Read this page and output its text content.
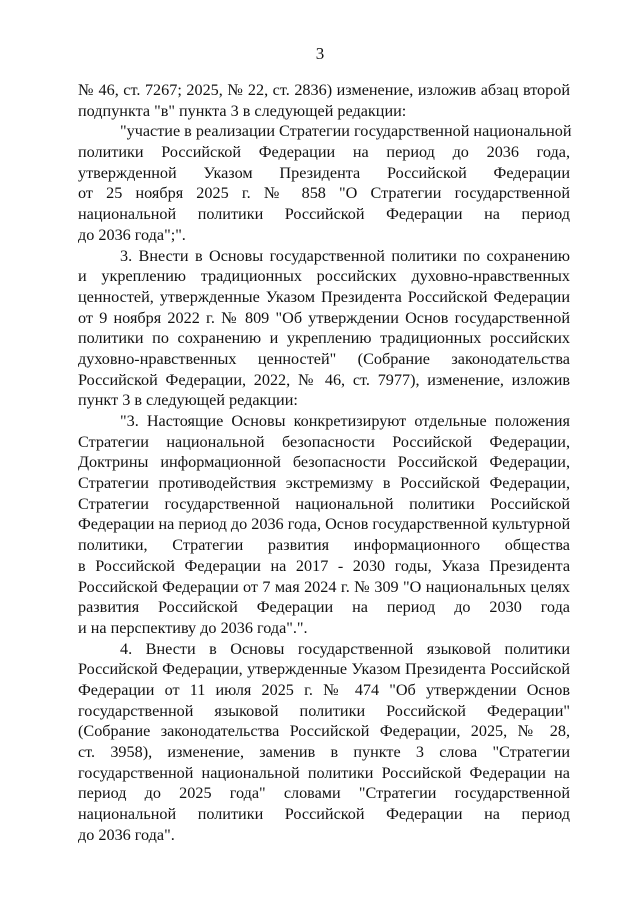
3
№ 46, ст. 7267; 2025, № 22, ст. 2836) изменение, изложив абзац второй
подпункта "в" пункта 3 в следующей редакции:
"участие в реализации Стратегии государственной национальной
политики Российской Федерации на период до 2036 года,
утвержденной Указом Президента Российской Федерации
от 25 ноября 2025 г. № 858 "О Стратегии государственной
национальной политики Российской Федерации на период
до 2036 года";".
3. Внести в Основы государственной политики по сохранению
и укреплению традиционных российских духовно-нравственных
ценностей, утвержденные Указом Президента Российской Федерации
от 9 ноября 2022 г. № 809 "Об утверждении Основ государственной
политики по сохранению и укреплению традиционных российских
духовно-нравственных ценностей" (Собрание законодательства
Российской Федерации, 2022, № 46, ст. 7977), изменение, изложив
пункт 3 в следующей редакции:
"3. Настоящие Основы конкретизируют отдельные положения
Стратегии национальной безопасности Российской Федерации,
Доктрины информационной безопасности Российской Федерации,
Стратегии противодействия экстремизму в Российской Федерации,
Стратегии государственной национальной политики Российской
Федерации на период до 2036 года, Основ государственной культурной
политики, Стратегии развития информационного общества
в Российской Федерации на 2017 - 2030 годы, Указа Президента
Российской Федерации от 7 мая 2024 г. № 309 "О национальных целях
развития Российской Федерации на период до 2030 года
и на перспективу до 2036 года".".
4. Внести в Основы государственной языковой политики
Российской Федерации, утвержденные Указом Президента Российской
Федерации от 11 июля 2025 г. № 474 "Об утверждении Основ
государственной языковой политики Российской Федерации"
(Собрание законодательства Российской Федерации, 2025, № 28,
ст. 3958), изменение, заменив в пункте 3 слова "Стратегии
государственной национальной политики Российской Федерации на
период до 2025 года" словами "Стратегии государственной
национальной политики Российской Федерации на период
до 2036 года".
